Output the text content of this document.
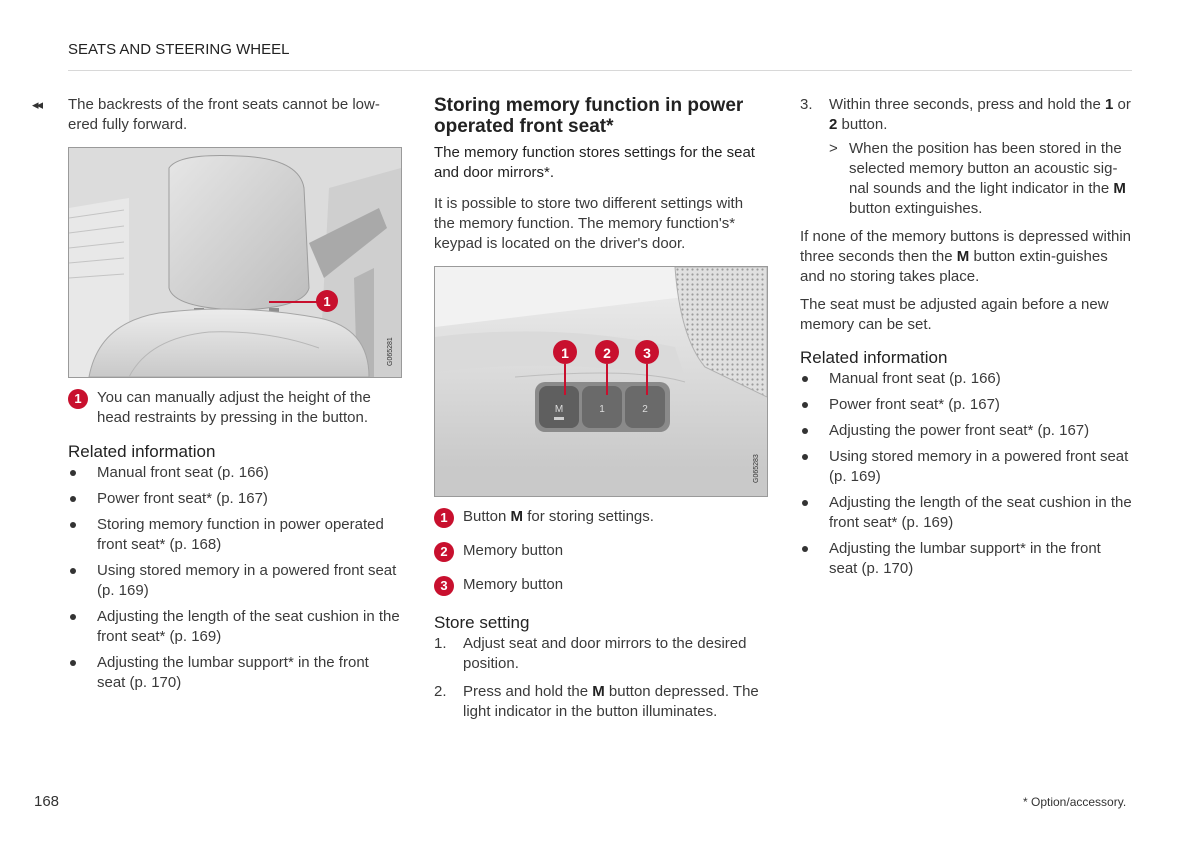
SEATS AND STEERING WHEEL
◂◂ The backrests of the front seats cannot be low-ered fully forward.

1
G065281
1	You can manually adjust the height of the head restraints by pressing in the button.
Related information
Manual front seat (p. 166)
Power front seat* (p. 167)
Storing memory function in power operated front seat* (p. 168)
Using stored memory in a powered front seat (p. 169)
Adjusting the length of the seat cushion in the front seat* (p. 169)
Adjusting the lumbar support* in the front seat (p. 170)
Storing memory function in power operated front seat*

The memory function stores settings for the seat and door mirrors*.

It is possible to store two different settings with the memory function. The memory function's* keypad is located on the driver's door.

1 2 3
M	1	2
G065283
1	Button M for storing settings.
2	Memory button
3	Memory button
Store setting
1. Adjust seat and door mirrors to the desired position.
2. Press and hold the M button depressed. The light indicator in the button illuminates.
3. Within three seconds, press and hold the 1 or 2 button.
> When the position has been stored in the selected memory button an acoustic sig-nal sounds and the light indicator in the M button extinguishes.

If none of the memory buttons is depressed within three seconds then the M button extin-guishes and no storing takes place.

The seat must be adjusted again before a new memory can be set.

Related information
Manual front seat (p. 166)
Power front seat* (p. 167)
Adjusting the power front seat* (p. 167)
Using stored memory in a powered front seat (p. 169)
Adjusting the length of the seat cushion in the front seat* (p. 169)
Adjusting the lumbar support* in the front seat (p. 170)
168	* Option/accessory.
